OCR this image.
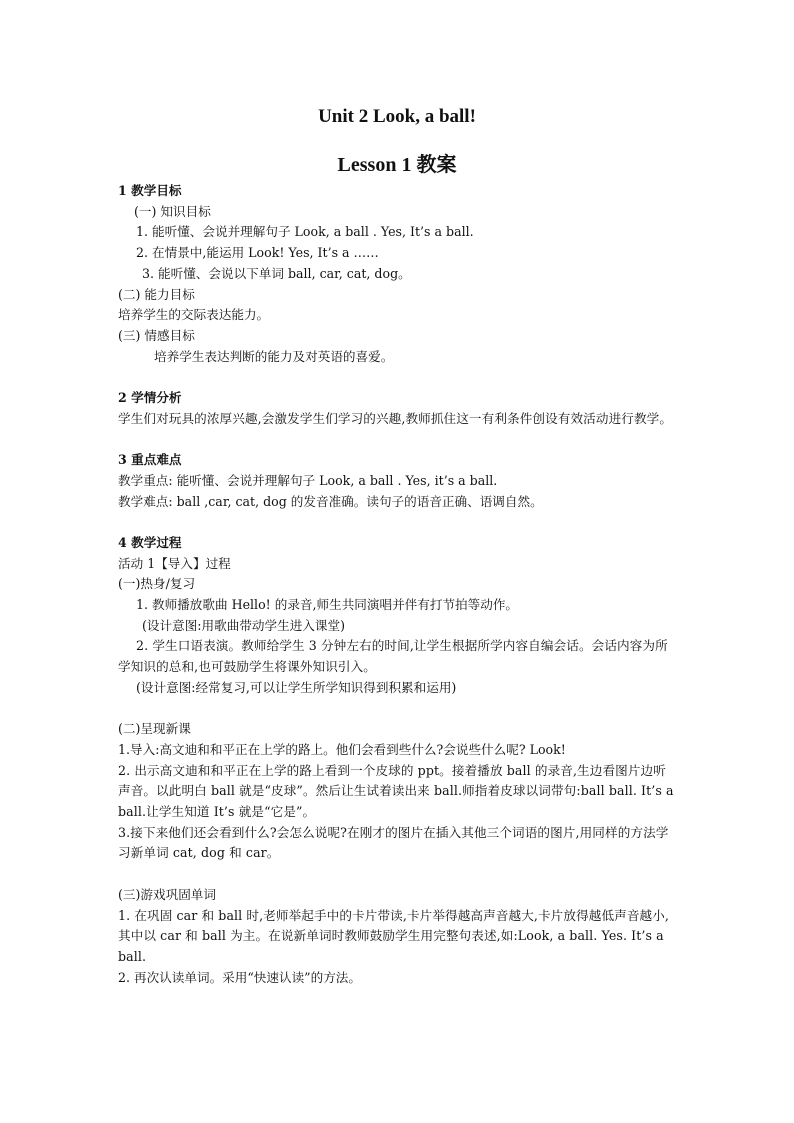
Unit 2 Look, a ball!
Lesson 1 教案

1 教学目标

(一) 知识目标

1. 能听懂、会说并理解句子 Look, a ball . Yes, It’s a ball.

2. 在情景中,能运用 Look! Yes, It’s a ……

3. 能听懂、会说以下单词 ball, car, cat, dog。

(二) 能力目标

培养学生的交际表达能力。

(三) 情感目标

培养学生表达判断的能力及对英语的喜爱。

2 学情分析

学生们对玩具的浓厚兴趣,会激发学生们学习的兴趣,教师抓住这一有利条件创设有效活动进行教学。

3 重点难点

教学重点: 能听懂、会说并理解句子 Look, a ball . Yes, it’s a ball.

教学难点: ball ,car, cat, dog 的发音准确。读句子的语音正确、语调自然。

4 教学过程

活动 1【导入】过程

(一)热身/复习

1. 教师播放歌曲 Hello! 的录音,师生共同演唱并伴有打节拍等动作。

(设计意图:用歌曲带动学生进入课堂)

2. 学生口语表演。教师给学生 3 分钟左右的时间,让学生根据所学内容自编会话。会话内容为所学知识的总和,也可鼓励学生将课外知识引入。

(设计意图:经常复习,可以让学生所学知识得到积累和运用)

(二)呈现新课

1.导入:高文迪和和平正在上学的路上。他们会看到些什么?会说些什么呢? Look!

2. 出示高文迪和和平正在上学的路上看到一个皮球的 ppt。接着播放 ball 的录音,生边看图片边听声音。以此明白 ball 就是“皮球”。然后让生试着读出来 ball.师指着皮球以词带句:ball ball. It’s a ball.让学生知道 It’s 就是“它是”。

3.接下来他们还会看到什么?会怎么说呢?在刚才的图片在插入其他三个词语的图片,用同样的方法学习新单词 cat, dog 和 car。

(三)游戏巩固单词

1. 在巩固 car 和 ball 时,老师举起手中的卡片带读,卡片举得越高声音越大,卡片放得越低声音越小,其中以 car 和 ball 为主。在说新单词时教师鼓励学生用完整句表述,如:Look, a ball. Yes. It’s a ball.

2. 再次认读单词。采用“快速认读”的方法。
